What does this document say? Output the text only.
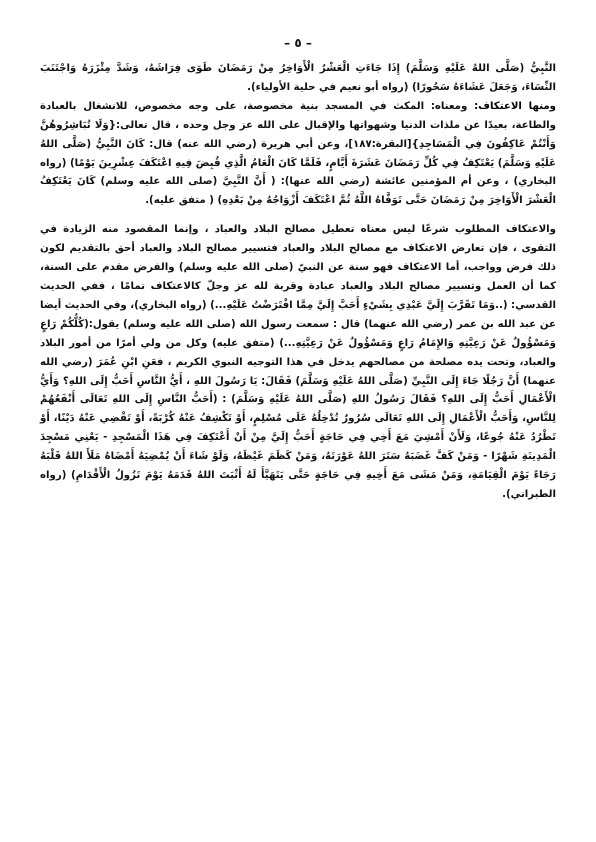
– ٥ –

النَّبِيُّ (صَلَّى اللهُ عَلَيْهِ وَسَلَّمَ) إِذَا جَاءَتِ الْعَشْرُ الْأَوَاخِرُ مِنْ رَمَضَانَ طَوَى فِرَاشَهُ، وَشَدَّ مِئْزَرَهُ وَاجْتَنَبَ النِّسَاءَ، وَجَعَلَ عَشَاءَهُ سَحُورًا) (رواه أبو نعيم في حلية الأولياء).

ومنها الاعتكاف: ومعناه: المكث في المسجد بنية مخصوصة، على وجه مخصوص، للانشغال بالعبادة والطاعة، بعيدًا عن ملذات الدنيا وشهواتها والإقبال على الله عز وجل وحده ، قال تعالى:{وَلَا تُبَاشِرُوهُنَّ وَأَنْتُمْ عَاكِفُونَ فِي الْمَسَاجِدِ}[البقرة:١٨٧]، وعن أبي هريرة (رضي الله عنه) قال: كَانَ النَّبِيُّ (صَلَّى اللهُ عَلَيْهِ وَسَلَّمَ) يَعْتَكِفُ فِي كُلِّ رَمَضَانَ عَشَرَةَ أَيَّامٍ، فَلَمَّا كَانَ الْعَامُ الَّذِي قُبِضَ فِيهِ اعْتَكَفَ عِشْرِينَ يَوْمًا) (رواه البخاري) ، وعن أم المؤمنين عائشة (رضي الله عنها): ( أَنَّ النَّبِيَّ (صلى الله عليه وسلم) كَانَ يَعْتَكِفُ الْعَشْرَ الْأَوَاخِرَ مِنْ رَمَضَانَ حَتَّى تَوَفَّاهُ اللَّهُ ثُمَّ اعْتَكَفَ أَزْوَاجُهُ مِنْ بَعْدِهِ) ( متفق عليه).

والاعتكاف المطلوب شرعًا ليس معناه تعطيل مصالح البلاد والعباد ، وإنما المقصود منه الزيادة في التقوى ، فإن تعارض الاعتكاف مع مصالح البلاد والعباد فتسيير مصالح البلاد والعباد أحق بالتقديم لكون ذلك فرض وواجب، أما الاعتكاف فهو سنة عن النبيّ (صلى الله عليه وسلم) والفرض مقدم على السنة، كما أن العمل وتسيير مصالح البلاد والعباد عبادة وقربة لله عز وجلّ كالاعتكاف تمامًا ، ففي الحديث القدسي: (..وَمَا تَقَرَّبَ إِلَيَّ عَبْدِي بِشَيْءٍ أَحَبَّ إِلَيَّ مِمَّا افْتَرَضْتُ عَلَيْهِ...) (رواه البخاري)، وفي الحديث أيضا عن عبد الله بن عمر (رضي الله عنهما) قال : سمعت رسول الله (صلى الله عليه وسلم) يقول:(كُلُّكُمْ رَاعٍ وَمَسْؤُولٌ عَنْ رَعِيَّتِهِ وَالإِمَامُ رَاعٍ وَمَسْؤُولٌ عَنْ رَعِيَّتِهِ...) (متفق عليه) وكل من ولي أمرًا من أمور البلاد والعباد، وتحت يده مصلحة من مصالحهم يدخل في هذا التوجيه النبوي الكريم ، فعَنِ ابْنِ عُمَرَ (رضي الله عنهما) أَنَّ رَجُلًا جَاءَ إِلَى النَّبِيِّ (صَلَّى اللهُ عَلَيْهِ وَسَلَّمَ) فَقَالَ: يَا رَسُولَ اللهِ ، أَيُّ النَّاسِ أَحَبُّ إِلَى اللهِ؟ وَأَيُّ الْأَعْمَالِ أَحَبُّ إِلَى اللهِ؟ فَقَالَ رَسُولُ اللهِ (صَلَّى اللهُ عَلَيْهِ وَسَلَّمَ) : (أَحَبُّ النَّاسِ إِلَى اللهِ تَعَالَى أَنْفَعُهُمْ لِلنَّاسِ، وَأَحَبُّ الْأَعْمَالِ إِلَى اللهِ تَعَالَى سُرُورٌ تُدْخِلُهُ عَلَى مُسْلِمٍ، أَوْ تَكْشِفُ عَنْهُ كُرْبَةً، أَوْ تَقْضِي عَنْهُ دَيْنًا، أَوْ تَطْرُدُ عَنْهُ جُوعًا، وَلَأَنْ أَمْشِيَ مَعَ أَخِي فِي حَاجَةٍ أَحَبُّ إِلَيَّ مِنْ أَنْ أَعْتَكِفَ فِي هَذَا الْمَسْجِدِ - يَعْنِي مَسْجِدَ الْمَدِينَةِ شَهْرًا - وَمَنْ كَفَّ غَضَبَهُ سَتَرَ اللهُ عَوْرَتَهُ، وَمَنْ كَظَمَ غَيْظَهُ، وَلَوْ شَاءَ أَنْ يُمْضِيَهُ أَمْضَاهُ مَلَأَ اللهُ قَلْبَهُ رَجَاءً يَوْمَ الْقِيَامَةِ، وَمَنْ مَشَى مَعَ أَخِيهِ فِي حَاجَةٍ حَتَّى يَتَهَيَّأَ لَهُ أَثْبَتَ اللهُ قَدَمَهُ يَوْمَ تَزُولُ الْأَقْدَامِ) (رواه الطبراني).
